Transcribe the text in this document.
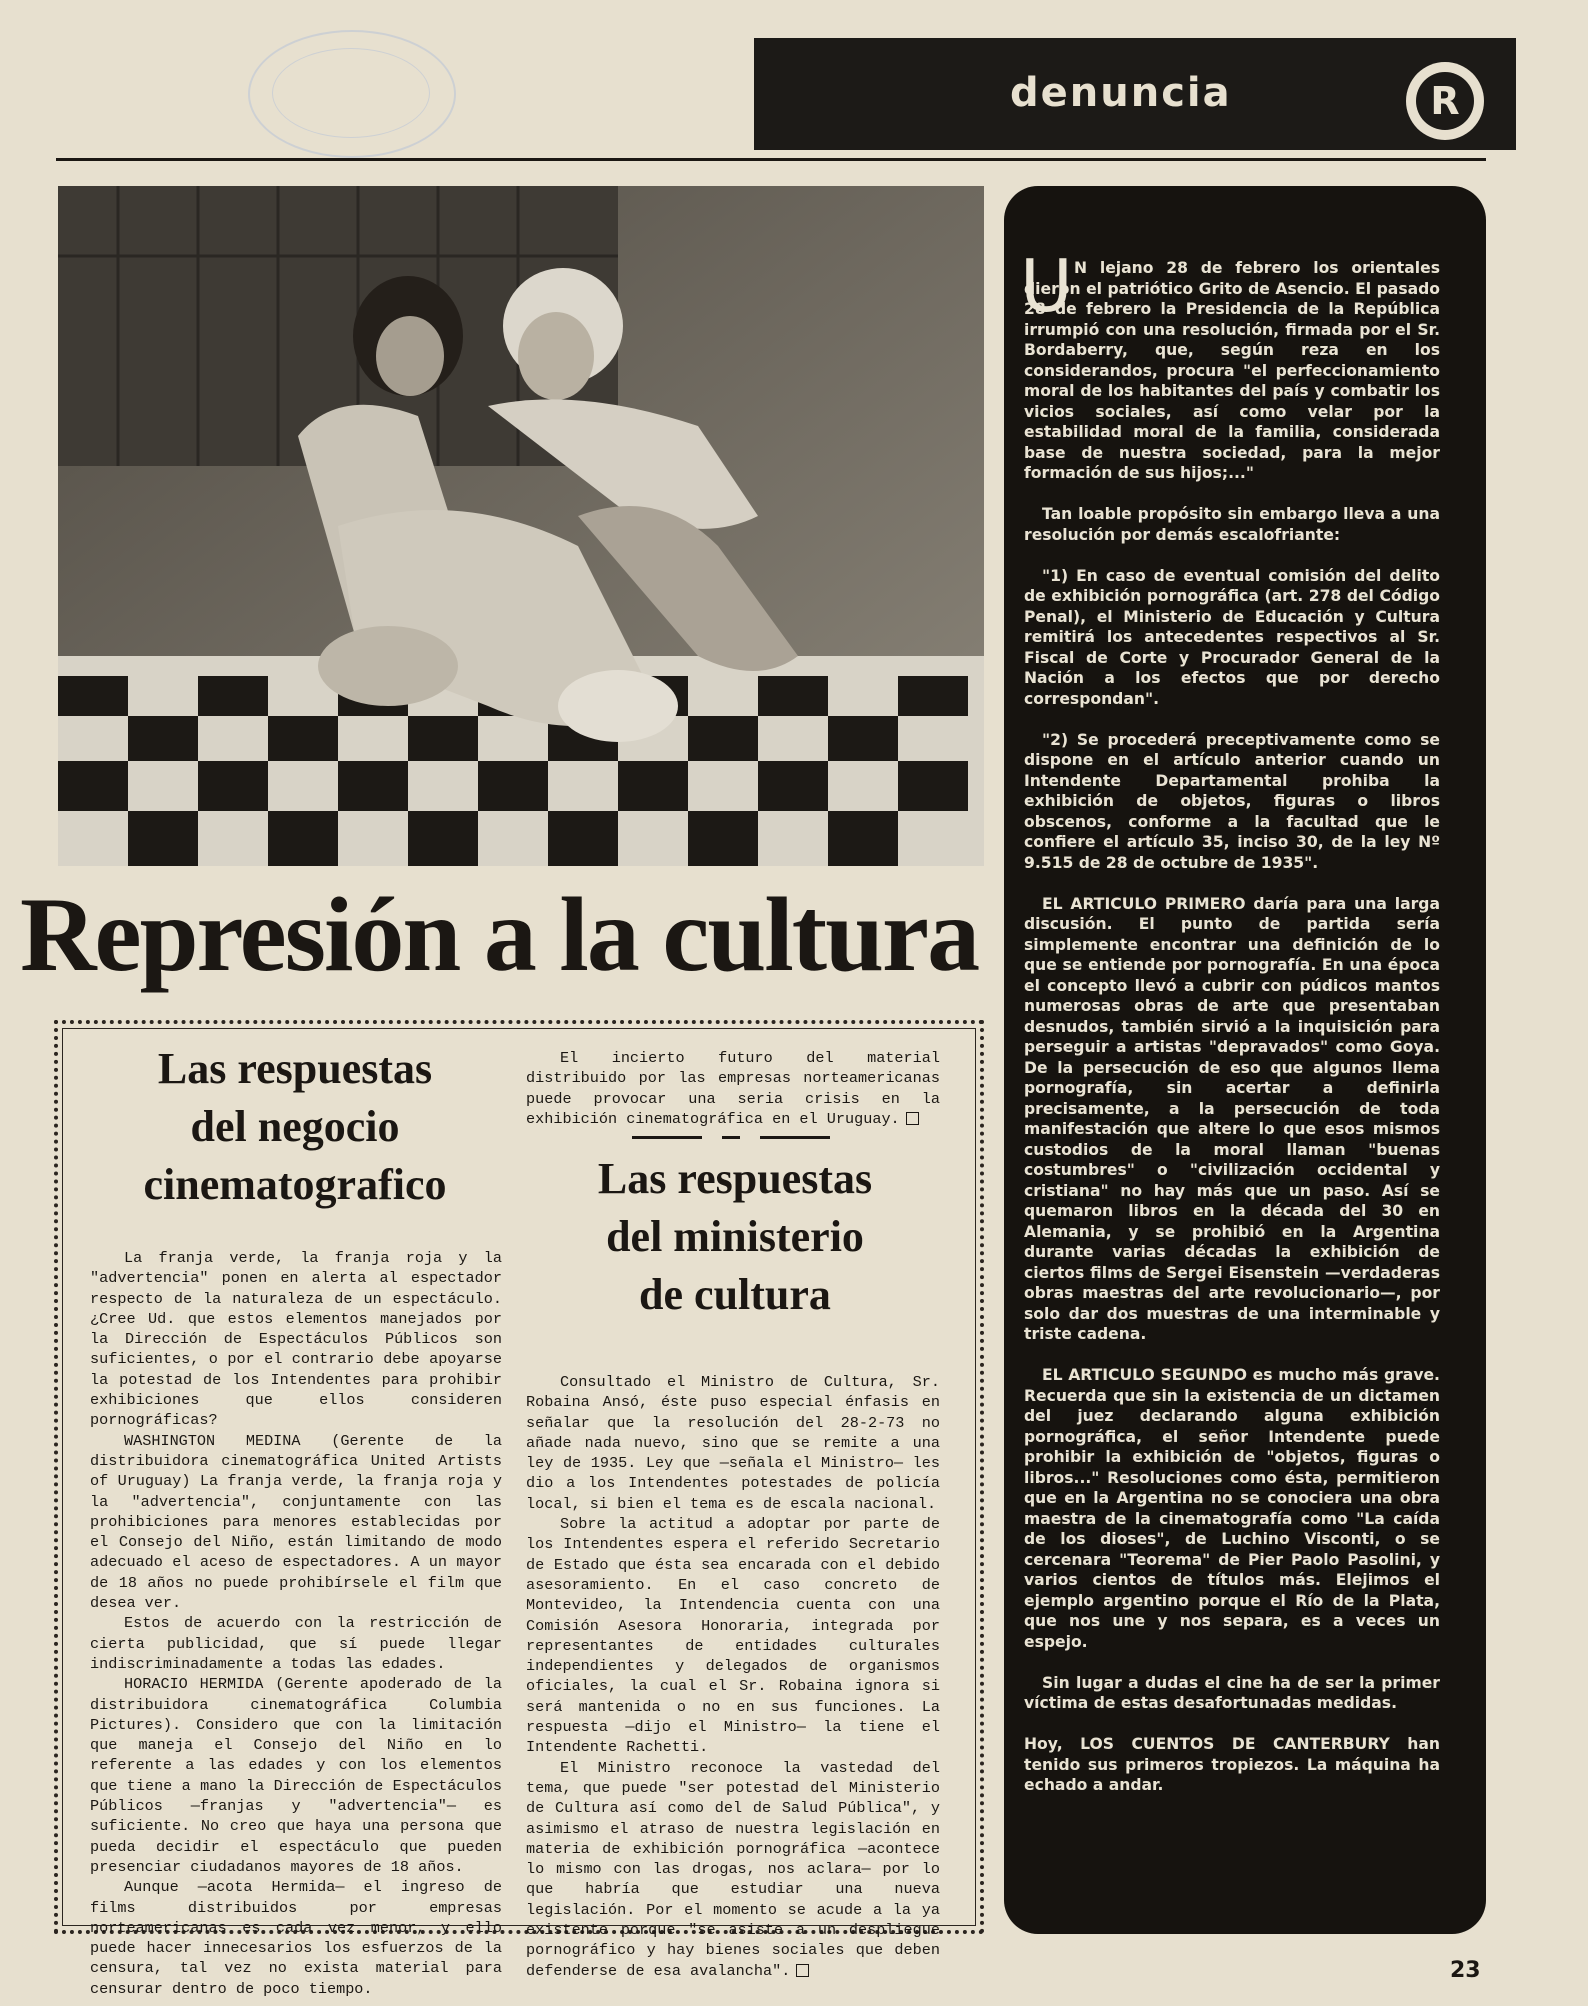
denuncia	R
Represión a la cultura
Las respuestas
del negocio
cinematografico

La franja verde, la franja roja y la "advertencia" ponen en alerta al espectador respecto de la naturaleza de un espectáculo. ¿Cree Ud. que estos elementos manejados por la Dirección de Espectáculos Públicos son suficientes, o por el contrario debe apoyarse la potestad de los Intendentes para prohibir exhibiciones que ellos consideren pornográficas?

WASHINGTON MEDINA (Gerente de la distribuidora cinematográfica United Artists of Uruguay) La franja verde, la franja roja y la "advertencia", conjuntamente con las prohibiciones para menores establecidas por el Consejo del Niño, están limitando de modo adecuado el aceso de espectadores. A un mayor de 18 años no puede prohibírsele el film que desea ver.

Estos de acuerdo con la restricción de cierta publicidad, que sí puede llegar indiscriminadamente a todas las edades.

HORACIO HERMIDA (Gerente apoderado de la distribuidora cinematográfica Columbia Pictures). Considero que con la limitación que maneja el Consejo del Niño en lo referente a las edades y con los elementos que tiene a mano la Dirección de Espectáculos Públicos —franjas y "advertencia"— es suficiente. No creo que haya una persona que pueda decidir el espectáculo que pueden presenciar ciudadanos mayores de 18 años.

Aunque —acota Hermida— el ingreso de films distribuidos por empresas norteamericanas es cada vez menor, y ello puede hacer innecesarios los esfuerzos de la censura, tal vez no exista material para censurar dentro de poco tiempo.

El incierto futuro del material distribuido por las empresas norteamericanas puede provocar una seria crisis en la exhibición cinematográfica en el Uruguay.

Las respuestas
del ministerio
de cultura

Consultado el Ministro de Cultura, Sr. Robaina Ansó, éste puso especial énfasis en señalar que la resolución del 28-2-73 no añade nada nuevo, sino que se remite a una ley de 1935. Ley que —señala el Ministro— les dio a los Intendentes potestades de policía local, si bien el tema es de escala nacional.

Sobre la actitud a adoptar por parte de los Intendentes espera el referido Secretario de Estado que ésta sea encarada con el debido asesoramiento. En el caso concreto de Montevideo, la Intendencia cuenta con una Comisión Asesora Honoraria, integrada por representantes de entidades culturales independientes y delegados de organismos oficiales, la cual el Sr. Robaina ignora si será mantenida o no en sus funciones. La respuesta —dijo el Ministro— la tiene el Intendente Rachetti.

El Ministro reconoce la vastedad del tema, que puede "ser potestad del Ministerio de Cultura así como del de Salud Pública", y asimismo el atraso de nuestra legislación en materia de exhibición pornográfica —acontece lo mismo con las drogas, nos aclara— por lo que habría que estudiar una nueva legislación. Por el momento se acude a la ya existente porque "se asiste a un despliegue pornográfico y hay bienes sociales que deben defenderse de esa avalancha".

U N lejano 28 de febrero los orientales dieron el patriótico Grito de Asencio. El pasado 28 de febrero la Presidencia de la República irrumpió con una resolución, firmada por el Sr. Bordaberry, que, según reza en los considerandos, procura "el perfeccionamiento moral de los habitantes del país y combatir los vicios sociales, así como velar por la estabilidad moral de la familia, considerada base de nuestra sociedad, para la mejor formación de sus hijos;..."

Tan loable propósito sin embargo lleva a una resolución por demás escalofriante:

"1) En caso de eventual comisión del delito de exhibición pornográfica (art. 278 del Código Penal), el Ministerio de Educación y Cultura remitirá los antecedentes respectivos al Sr. Fiscal de Corte y Procurador General de la Nación a los efectos que por derecho correspondan".

"2) Se procederá preceptivamente como se dispone en el artículo anterior cuando un Intendente Departamental prohiba la exhibición de objetos, figuras o libros obscenos, conforme a la facultad que le confiere el artículo 35, inciso 30, de la ley Nº 9.515 de 28 de octubre de 1935".

EL ARTICULO PRIMERO daría para una larga discusión. El punto de partida sería simplemente encontrar una definición de lo que se entiende por pornografía. En una época el concepto llevó a cubrir con púdicos mantos numerosas obras de arte que presentaban desnudos, también sirvió a la inquisición para perseguir a artistas "depravados" como Goya. De la persecución de eso que algunos llema pornografía, sin acertar a definirla precisamente, a la persecución de toda manifestación que altere lo que esos mismos custodios de la moral llaman "buenas costumbres" o "civilización occidental y cristiana" no hay más que un paso. Así se quemaron libros en la década del 30 en Alemania, y se prohibió en la Argentina durante varias décadas la exhibición de ciertos films de Sergei Eisenstein —verdaderas obras maestras del arte revolucionario—, por solo dar dos muestras de una interminable y triste cadena.

EL ARTICULO SEGUNDO es mucho más grave. Recuerda que sin la existencia de un dictamen del juez declarando alguna exhibición pornográfica, el señor Intendente puede prohibir la exhibición de "objetos, figuras o libros..." Resoluciones como ésta, permitieron que en la Argentina no se conociera una obra maestra de la cinematografía como "La caída de los dioses", de Luchino Visconti, o se cercenara "Teorema" de Pier Paolo Pasolini, y varios cientos de títulos más. Elejimos el ejemplo argentino porque el Río de la Plata, que nos une y nos separa, es a veces un espejo.

Sin lugar a dudas el cine ha de ser la primer víctima de estas desafortunadas medidas.

Hoy, LOS CUENTOS DE CANTERBURY han tenido sus primeros tropiezos. La máquina ha echado a andar.

23
